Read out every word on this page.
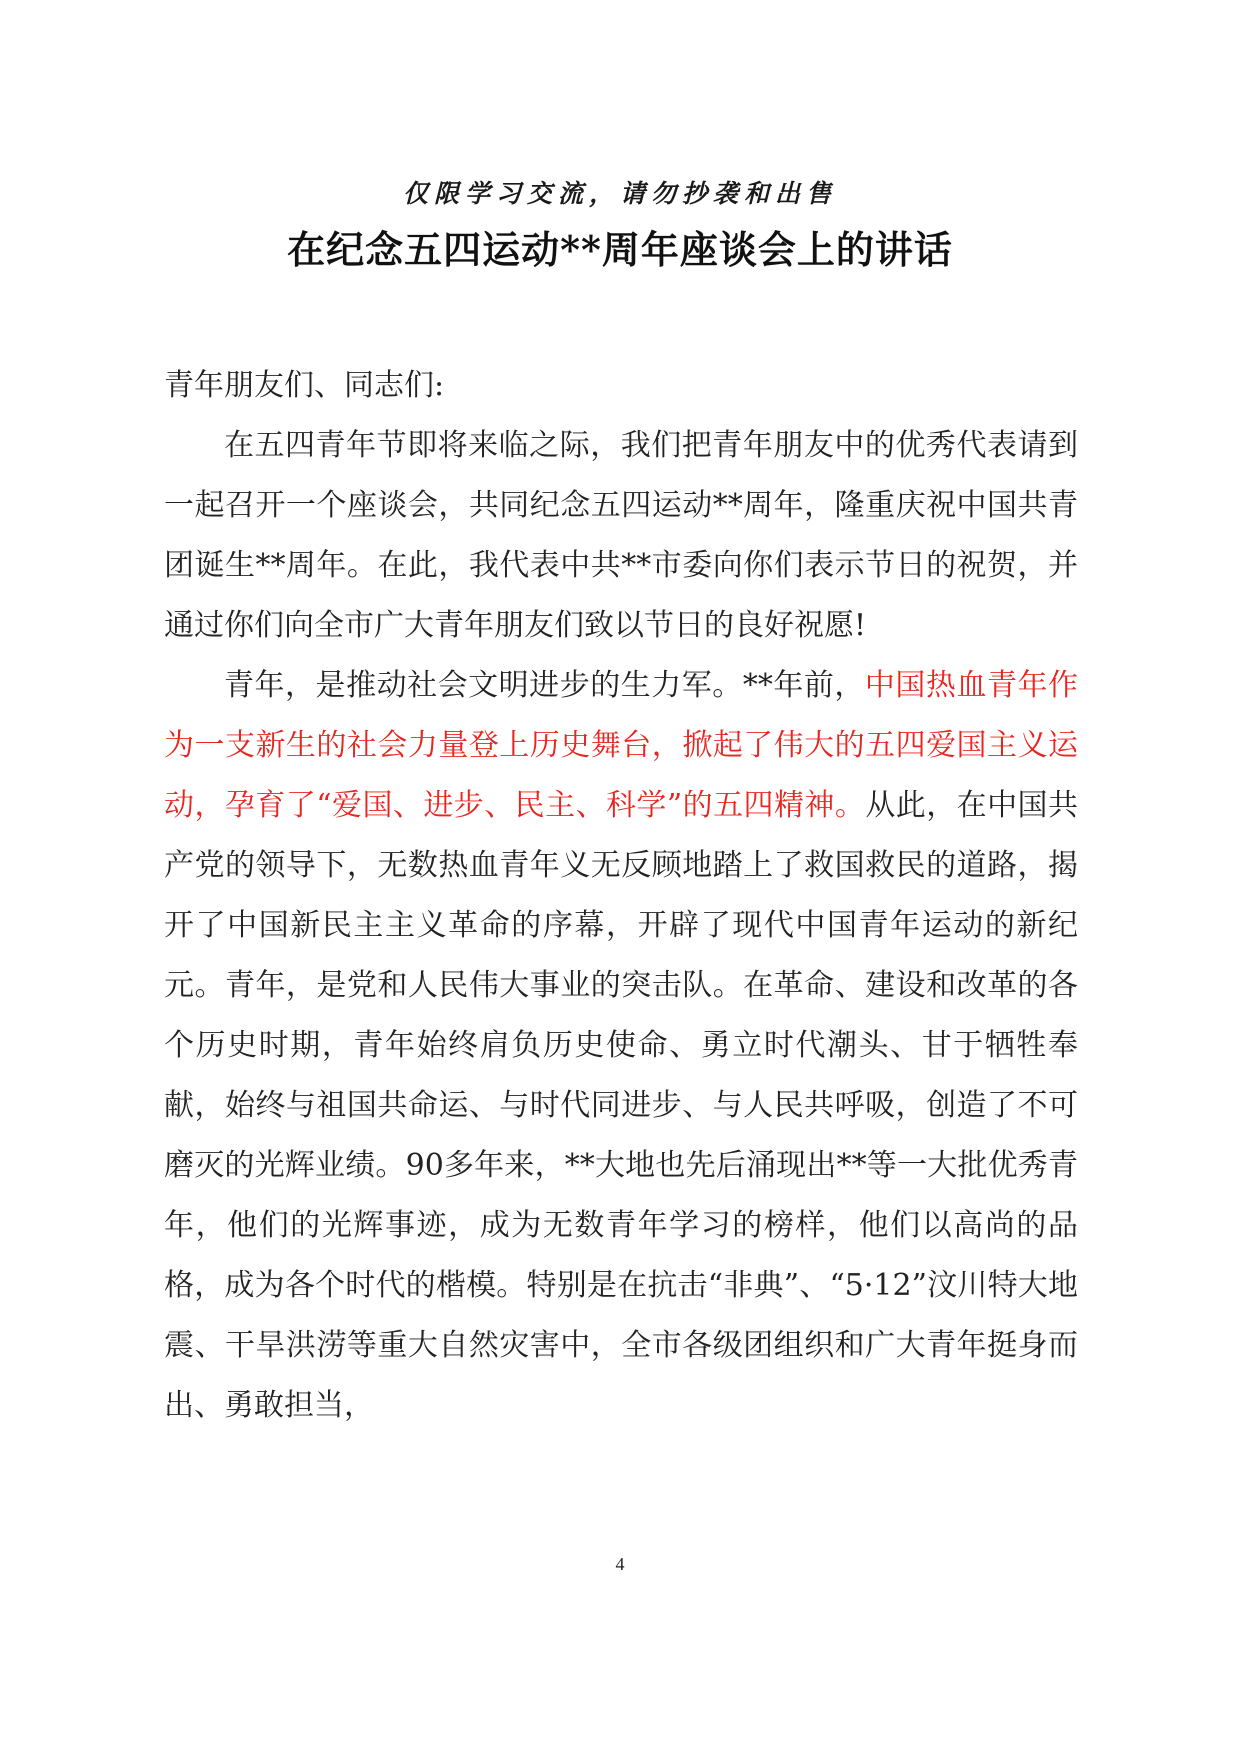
仅限学习交流，请勿抄袭和出售
在纪念五四运动**周年座谈会上的讲话

青年朋友们、同志们:

在五四青年节即将来临之际，我们把青年朋友中的优秀代表请到一起召开一个座谈会，共同纪念五四运动**周年，隆重庆祝中国共青团诞生**周年。在此，我代表中共**市委向你们表示节日的祝贺，并通过你们向全市广大青年朋友们致以节日的良好祝愿!

青年，是推动社会文明进步的生力军。**年前，中国热血青年作为一支新生的社会力量登上历史舞台，掀起了伟大的五四爱国主义运动，孕育了“爱国、进步、民主、科学”的五四精神。从此，在中国共产党的领导下，无数热血青年义无反顾地踏上了救国救民的道路，揭开了中国新民主主义革命的序幕，开辟了现代中国青年运动的新纪元。青年，是党和人民伟大事业的突击队。在革命、建设和改革的各个历史时期，青年始终肩负历史使命、勇立时代潮头、甘于牺牲奉献，始终与祖国共命运、与时代同进步、与人民共呼吸，创造了不可磨灭的光辉业绩。90多年来，**大地也先后涌现出**等一大批优秀青年，他们的光辉事迹，成为无数青年学习的榜样，他们以高尚的品格，成为各个时代的楷模。特别是在抗击“非典”、“5·12”汶川特大地震、干旱洪涝等重大自然灾害中，全市各级团组织和广大青年挺身而出、勇敢担当，

4
